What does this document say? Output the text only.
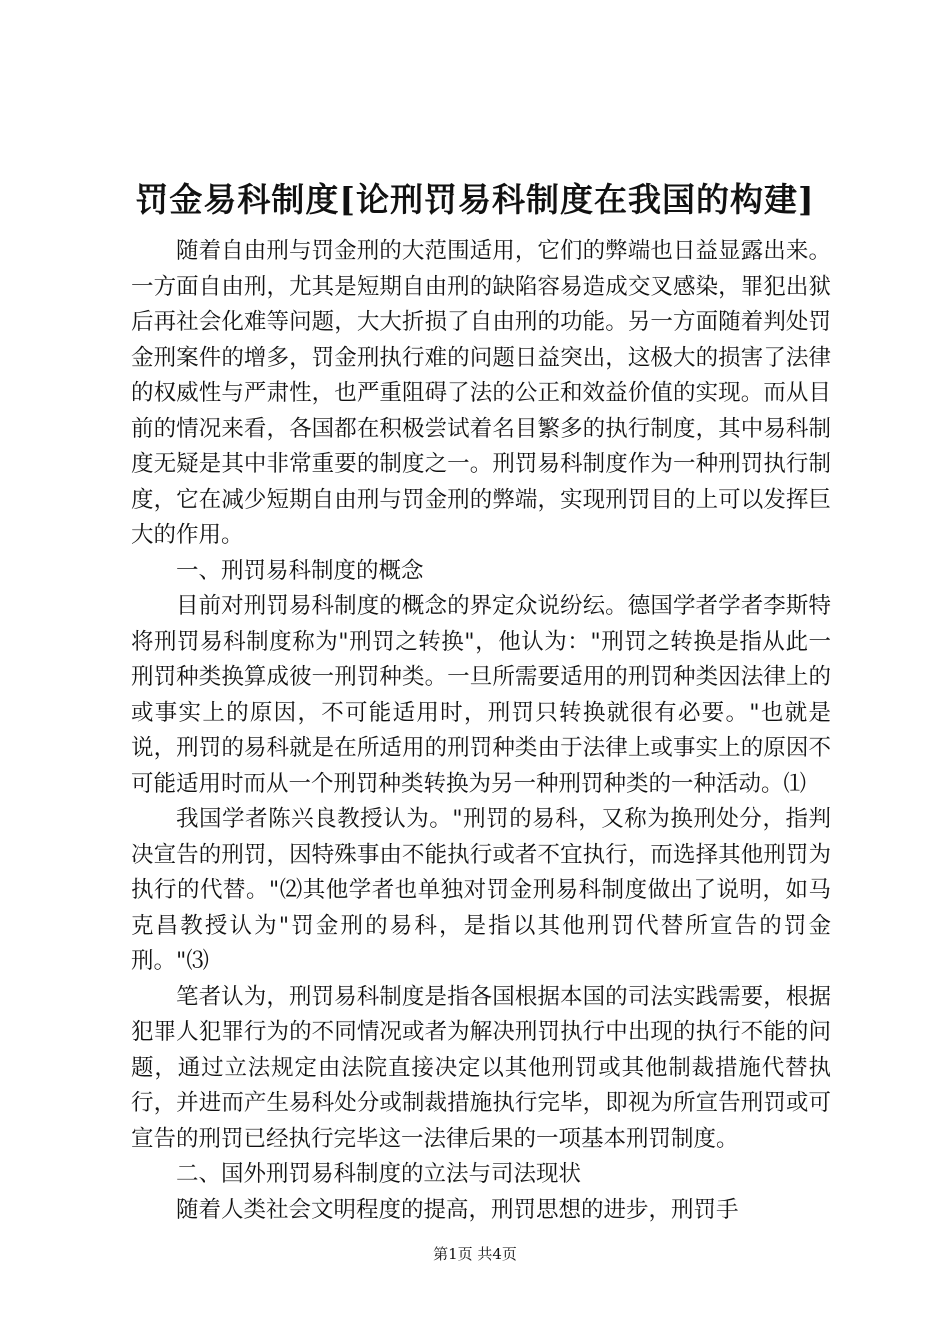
罚金易科制度[论刑罚易科制度在我国的构建]

随着自由刑与罚金刑的大范围适用，它们的弊端也日益显露出来。一方面自由刑，尤其是短期自由刑的缺陷容易造成交叉感染，罪犯出狱后再社会化难等问题，大大折损了自由刑的功能。另一方面随着判处罚金刑案件的增多，罚金刑执行难的问题日益突出，这极大的损害了法律的权威性与严肃性，也严重阻碍了法的公正和效益价值的实现。而从目前的情况来看，各国都在积极尝试着名目繁多的执行制度，其中易科制度无疑是其中非常重要的制度之一。刑罚易科制度作为一种刑罚执行制度，它在减少短期自由刑与罚金刑的弊端，实现刑罚目的上可以发挥巨大的作用。

一、刑罚易科制度的概念

目前对刑罚易科制度的概念的界定众说纷纭。德国学者学者李斯特将刑罚易科制度称为"刑罚之转换"，他认为："刑罚之转换是指从此一刑罚种类换算成彼一刑罚种类。一旦所需要适用的刑罚种类因法律上的或事实上的原因，不可能适用时，刑罚只转换就很有必要。"也就是说，刑罚的易科就是在所适用的刑罚种类由于法律上或事实上的原因不可能适用时而从一个刑罚种类转换为另一种刑罚种类的一种活动。⑴

我国学者陈兴良教授认为。"刑罚的易科，又称为换刑处分，指判决宣告的刑罚，因特殊事由不能执行或者不宜执行，而选择其他刑罚为执行的代替。"⑵其他学者也单独对罚金刑易科制度做出了说明，如马克昌教授认为"罚金刑的易科，是指以其他刑罚代替所宣告的罚金刑。"⑶

笔者认为，刑罚易科制度是指各国根据本国的司法实践需要，根据犯罪人犯罪行为的不同情况或者为解决刑罚执行中出现的执行不能的问题，通过立法规定由法院直接决定以其他刑罚或其他制裁措施代替执行，并进而产生易科处分或制裁措施执行完毕，即视为所宣告刑罚或可宣告的刑罚已经执行完毕这一法律后果的一项基本刑罚制度。

二、国外刑罚易科制度的立法与司法现状

随着人类社会文明程度的提高，刑罚思想的进步，刑罚手

第1页 共4页
